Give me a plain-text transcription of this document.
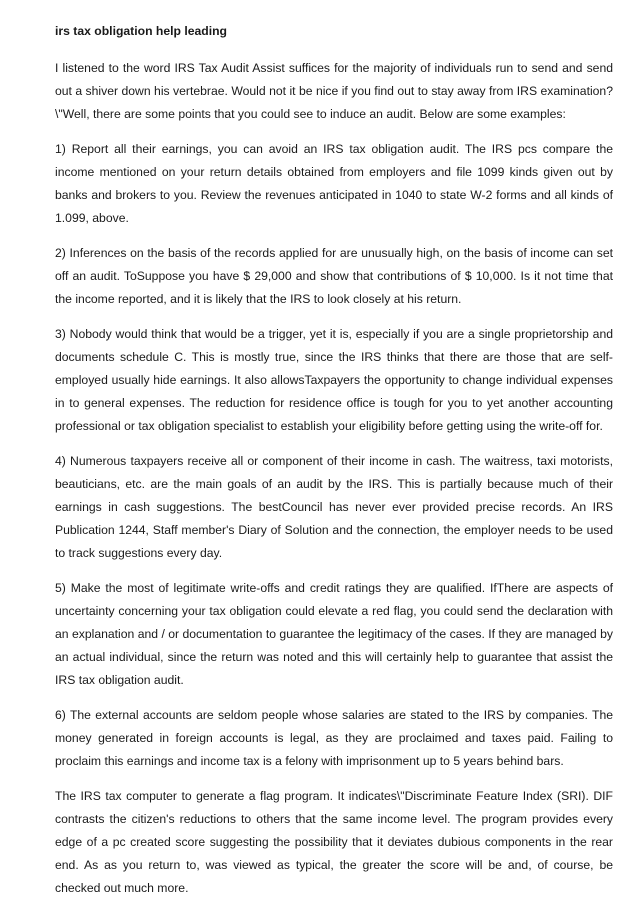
irs tax obligation help leading

I listened to the word IRS Tax Audit Assist suffices for the majority of individuals run to send and send out a shiver down his vertebrae. Would not it be nice if you find out to stay away from IRS examination? \"Well, there are some points that you could see to induce an audit. Below are some examples:

1) Report all their earnings, you can avoid an IRS tax obligation audit. The IRS pcs compare the income mentioned on your return details obtained from employers and file 1099 kinds given out by banks and brokers to you. Review the revenues anticipated in 1040 to state W-2 forms and all kinds of 1.099, above.

2) Inferences on the basis of the records applied for are unusually high, on the basis of income can set off an audit. ToSuppose you have $ 29,000 and show that contributions of $ 10,000. Is it not time that the income reported, and it is likely that the IRS to look closely at his return.

3) Nobody would think that would be a trigger, yet it is, especially if you are a single proprietorship and documents schedule C. This is mostly true, since the IRS thinks that there are those that are self-employed usually hide earnings. It also allowsTaxpayers the opportunity to change individual expenses in to general expenses. The reduction for residence office is tough for you to yet another accounting professional or tax obligation specialist to establish your eligibility before getting using the write-off for.

4) Numerous taxpayers receive all or component of their income in cash. The waitress, taxi motorists, beauticians, etc. are the main goals of an audit by the IRS. This is partially because much of their earnings in cash suggestions. The bestCouncil has never ever provided precise records. An IRS Publication 1244, Staff member's Diary of Solution and the connection, the employer needs to be used to track suggestions every day.

5) Make the most of legitimate write-offs and credit ratings they are qualified. IfThere are aspects of uncertainty concerning your tax obligation could elevate a red flag, you could send the declaration with an explanation and / or documentation to guarantee the legitimacy of the cases. If they are managed by an actual individual, since the return was noted and this will certainly help to guarantee that assist the IRS tax obligation audit.

6) The external accounts are seldom people whose salaries are stated to the IRS by companies. The money generated in foreign accounts is legal, as they are proclaimed and taxes paid. Failing to proclaim this earnings and income tax is a felony with imprisonment up to 5 years behind bars.

The IRS tax computer to generate a flag program. It indicates\"Discriminate Feature Index (SRI). DIF contrasts the citizen's reductions to others that the same income level. The program provides every edge of a pc created score suggesting the possibility that it deviates dubious components in the rear end. As as you return to, was viewed as typical, the greater the score will be and, of course, be checked out much more.
